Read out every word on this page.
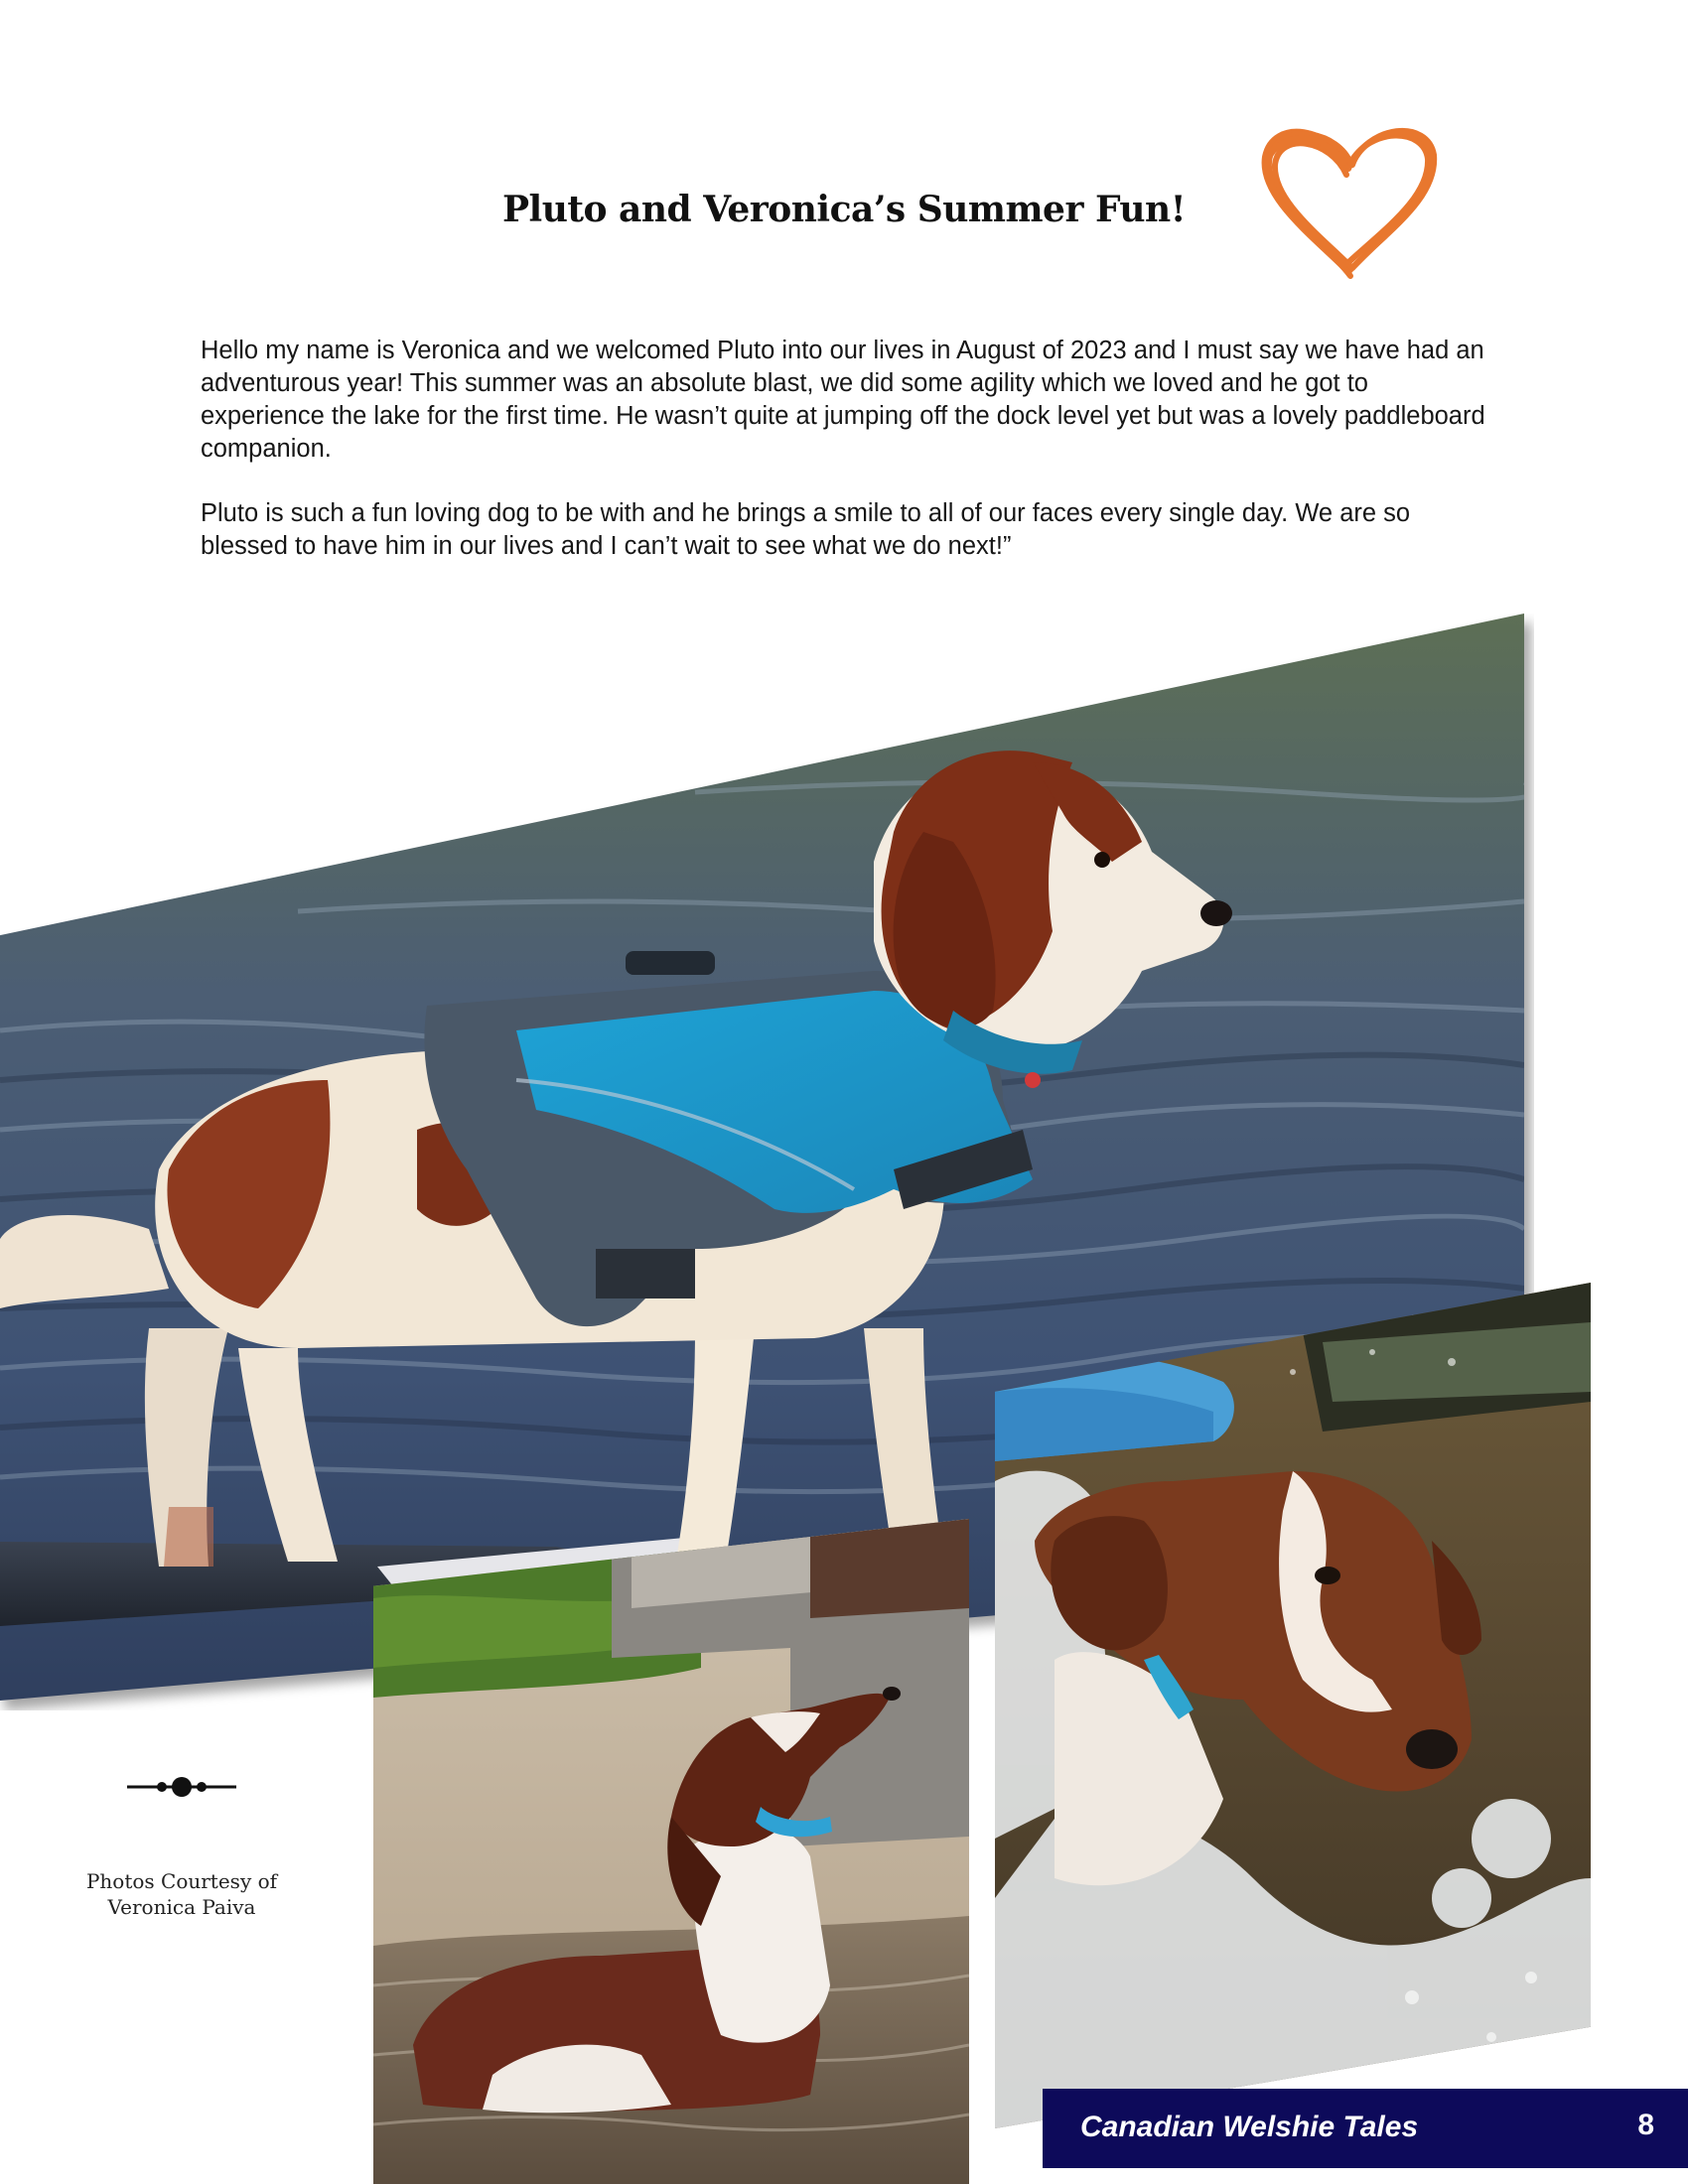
Pluto and Veronica’s Summer Fun!

Hello my name is Veronica and we welcomed Pluto into our lives in August of 2023 and I must say we have had an adventurous year! This summer was an absolute blast, we did some agility which we loved and he got to experience the lake for the first time. He wasn’t quite at jumping off the dock level yet but was a lovely paddleboard companion.

Pluto is such a fun loving dog to be with and he brings a smile to all of our faces every single day. We are so blessed to have him in our lives and I can’t wait to see what we do next!”

Photos Courtesy of
Veronica Paiva
Canadian Welshie Tales	8
